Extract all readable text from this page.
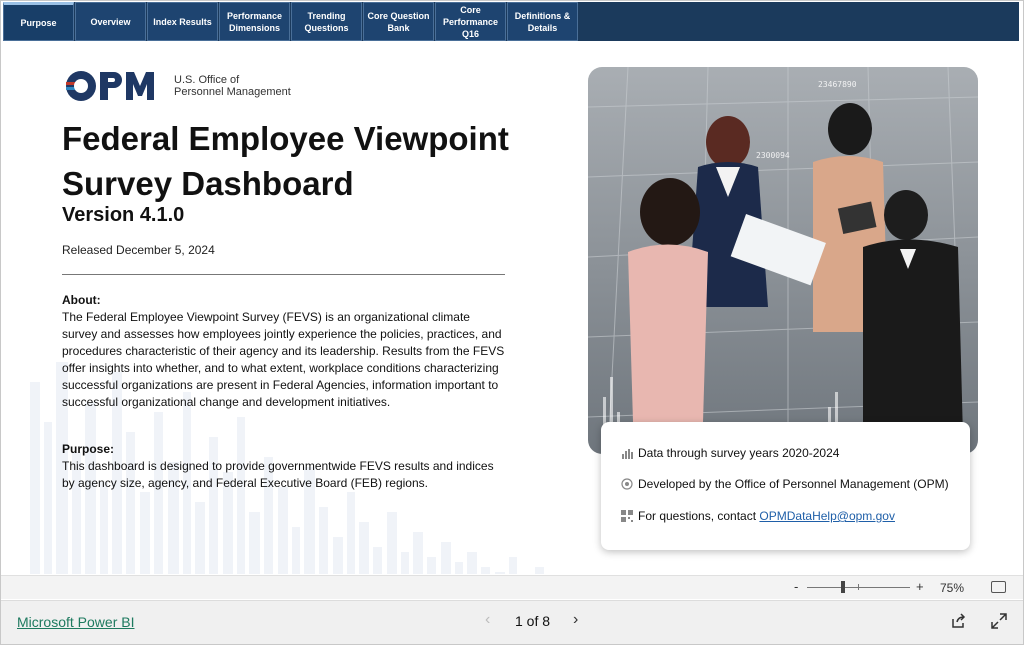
Purpose	Overview	Index Results
Performance Dimensions
Trending Questions
Core Question Bank
Core Performance Q16
Definitions & Details
U.S. Office of
Personnel Management
Federal Employee Viewpoint Survey Dashboard
Version 4.1.0
Released December 5, 2024
About:
The Federal Employee Viewpoint Survey (FEVS) is an organizational climate survey and assesses how employees jointly experience the policies, practices, and procedures characteristic of their agency and its leadership. Results from the FEVS offer insights into whether, and to what extent, workplace conditions characterizing successful organizations are present in Federal Agencies, information important to successful organizational change and development initiatives.
Purpose:
This dashboard is designed to provide governmentwide FEVS results and indices by agency size, agency, and Federal Executive Board (FEB) regions.
23467890
2300094
Data through survey years 2020-2024
Developed by the Office of Personnel Management (OPM)
For questions, contact
OPMDataHelp@opm.gov
-	+ 75%
Microsoft Power BI	‹ 1 of 8 ›
